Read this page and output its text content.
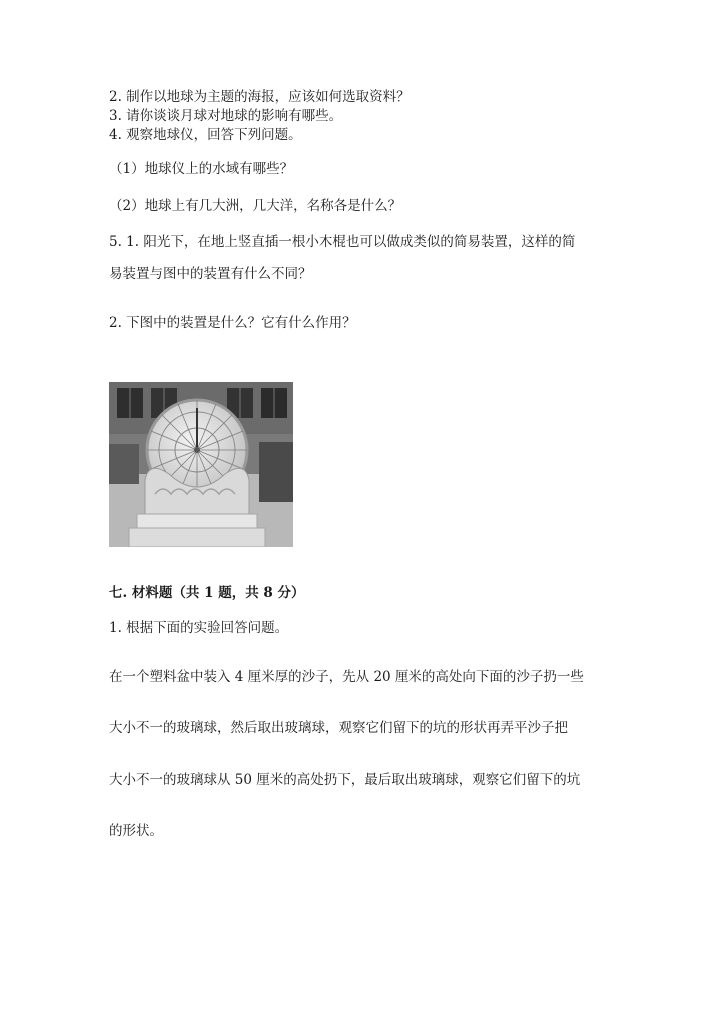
2. 制作以地球为主题的海报，应该如何选取资料？
3. 请你谈谈月球对地球的影响有哪些。
4. 观察地球仪，回答下列问题。
（1）地球仪上的水域有哪些？
（2）地球上有几大洲，几大洋，名称各是什么？
5. 1. 阳光下，在地上竖直插一根小木棍也可以做成类似的简易装置，这样的简
易装置与图中的装置有什么不同？
2. 下图中的装置是什么？它有什么作用？
七. 材料题（共 1 题，共 8 分）
1. 根据下面的实验回答问题。
在一个塑料盆中装入 4 厘米厚的沙子，先从 20 厘米的高处向下面的沙子扔一些
大小不一的玻璃球，然后取出玻璃球，观察它们留下的坑的形状再弄平沙子把
大小不一的玻璃球从 50 厘米的高处扔下，最后取出玻璃球，观察它们留下的坑
的形状。
